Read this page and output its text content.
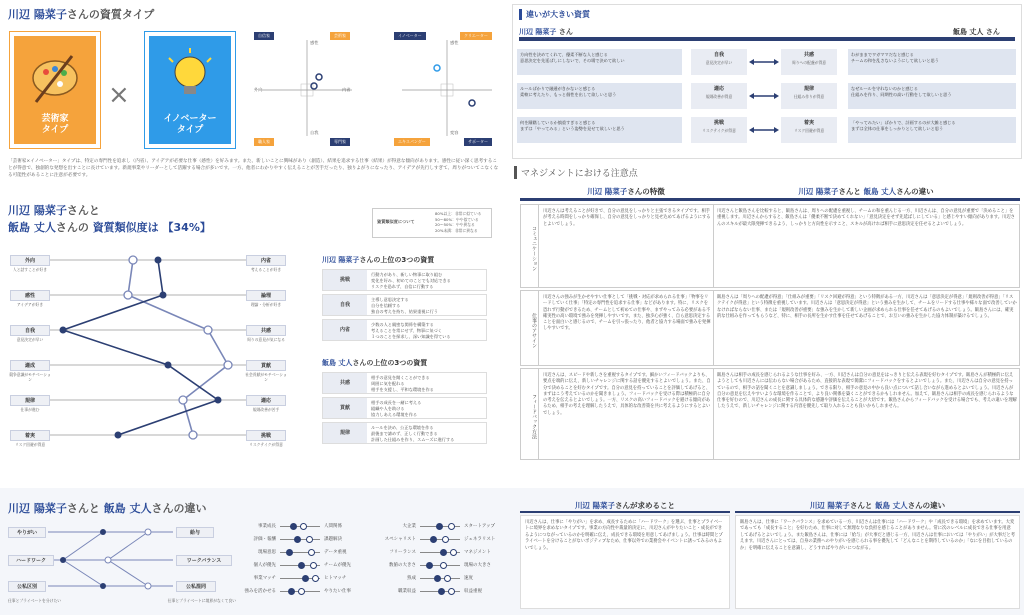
川辺 陽菜子さんの資質タイプ
芸術家
タイプ
×
イノベーター
タイプ
自信家	芸術家
職人家	専門家
外向	内省
感性
自我
イノベーター	クリエーター
エキスパンダー	サポーター
感性
変容
「芸術家×イノベーター」タイプは、特定の専門性を追求し（内省）、アイデアが必要な仕事（感性）を好みます。また、新しいことに興味があり（創造）、結果を追求する仕事（結果）が得意な傾向があります。感性に従い深く思考することが得意で、独創的な発想を出すことに長けています。新規事業やリーダーとして活躍する場合が多いです。一方、他者にわかりやすく伝えることが苦手だったり、独りよがりになったり、アイデアが先行しすぎて、周りがついてこなくなる可能性があることに注意が必要です。
川辺 陽菜子さんと
飯島 丈人さんの 資質類似度は 【34%】	資質類似度について
80%以上：非常に似ている
50〜80%：やや似ている
20〜50%：やや異なる
20%未満：非常に異なる
外向
人と話すことが好き
感性
アイデアが好き
自我
意見決定が早い
適成
競争意識がモチベーション
規律
仕事が進む
着実
リスク回避が得意
内省
考えることが好き
論理
理論・分析が好き
共感
周りの意見が気になる
貢献
社会貢献がモチベーション
適応
規則改善が苦手
挑戦
リスクテイクが得意
川辺 陽菜子さんの上位の3つの資質
挑戦
行動力があり、新しい物事に取り組む
変化を好み、初めてのことでも対応できる
リスクを恐れず、自信に行動する
自我
主導し意思決定する
自分を信頼する
独自の考えを持ち、結果重視に行う
内省
少数の人と親密な関係を構築する
考えることを常にせず、物事に気づく
１つのことを探求し、深い知識を得ている
飯島 丈人さんの上位の3つの資質
共感
相手の意見を聞くことができる
周囲に気を配れる
相手を支援し、平和な環境を作る
貢献
相手の成長を一緒に考える
組織や人を助ける
協力しあえる環境を作る
規律
ルールを決め、公正な環境を作る
最後まで諦めず、正しく行動できる
計画した仕組みを作り、スムーズに進行する
違いが大きい資質
川辺 陽菜子 さん	飯島 丈人 さん
方向性を決めてくれて、優柔不断な人と感じる
意思決定を先延ばしにしないで、その場で決めて欲しい
自我
意見決定が早い
共感
周りへの配慮が得意
わがままでワガママだなと感じる
チームの和を乱さないようにして欲しいと思う
ルールばかりで融通がきかないと感じる
柔軟に考えたり、もっと個性を出して欲しいと思う
適応
規則改善が得意
規律
仕組み作りが得意
なぜルールを守れないのかと感じる
仕組みを作り、同期性の高い行動をして欲しいと思う
何を躊躇しているか慎重すぎると感じる
まずは「やってみる」という姿勢を見せて欲しいと思う
挑戦
リスクテイクが得意
着実
リスク回避が得意
「やってみたい」ばかりで、計画するのが大雑と感じる
まずは全体の仕事をしっかりとして欲しいと思う
マネジメントにおける注意点
川辺 陽菜子さんの特徴	川辺 陽菜子さんと 飯島 丈人さんの違い
コミュニケーション
川辺さんは考えることが好きで、自分の意見をしっかりと主張できるタイプです。相手が考える時間をしっかり確保し、自分の意見をしっかりと見せ込めてあげるようにするとよいでしょう。
川辺さんと飯島さんを比較すると、飯島さんは、周りへの配慮を重視し、チームの和を重んじる一方、川辺さんは、自分の意見が重要で「決めること」を重視します。川辺さんからすると、飯島さんは「優柔不断で決めてくれない」「意見決定をせず先延ばしにしている」と感じやすい傾向があります。川辺さんのスキルが最大限発揮できるよう、しっかりと方向性を示すこと、スキルが高ければ相手に意思決定を任せるとよいでしょう。
仕事のアサイン
川辺さんの強みが生かせやすい仕事として「挑戦・対応が求められる仕事」「物事をリードしていく仕事」「特定の専門性を追求する仕事」などがあります。特に、リスクを恐れず行動ができるため、チームとして初めての仕事や、まずやってみる必要がある不確実性の高い環境で強みを発揮しやすいです。また、独歩心が強く、自ら意思決定することを面白いと感じるので、チームを引っ張ったり、他者と協力する場面で強みを発揮しやすいです。
飯島さんは「周りへの配慮が得意」「仕組みが重要」「リスク回避が得意」という特徴がある一方、川辺さんは「意思決定が得意」「規則改善が得意」「リスクテイクが得意」という特徴を重視しています。川辺さんは「意思決定が得意」という強みを生かして、チームをリードする仕事や様々な面で改善していかなければならない仕事、または「規則改善が重要」な強みを生かして新しい企画が求められる仕事を任せてあげるのもよいでしょう。飯島さんには、確実的な仕組みを作ってもらうなど、特に、相手の長所を生かす仕事を任せてあげることで、お互いの強みを生かした協力体制が築けるでしょう。
フィードバック方法
川辺さんは、スピードや新しさを重視するタイプです。細かいフィードバックよりも、要点を端的に伝え、新しいチャレンジに関する話を優先するとよいでしょう。また、自分で決めることを好むタイプです。自分の意見を持っていることを評価してあげると、まずはこう考えているのかを聞きましょう。フィードバックを受ける際は積極的に自分の考えを伝えるとよいでしょう。一方、リスクの高いフィードバックを避ける傾向があるため、相手の考えを理解したうえで、具体的な改善策を共に考えるようにするとよいでしょう。
飯島さんは相手の成長を感じられるような仕事を好み、一方、川辺さんは自分の意見をはっきりと伝える表現を好むタイプです。飯島さんが積極的に伝えようとしても川辺さんには伝わらない場合があるため、直接的な表現で簡潔にフィードバックをするとよいでしょう。また、川辺さんは自分の意見を持っているので、相手の話を聞くことを意識しましょう。できる限り、相手の意見の中から良い点について話し合いながら進めるとよいでしょう。川辺さんが自分の意見を伝えやすいような環境を作ることで、より良い関係を築くことができるかもしれません。加えて、飯島さんは相手の成長を感じられるような仕事を好むので、川辺さんの成長に関する具体的な感謝や評価を伝えることが大切です。飯島さんからフィードバックを受ける場合でも、考えの違いを理解したうえで、新しいチャレンジに関する内容を優先して取り入れることも良いかもしれません。
川辺 陽菜子さんと 飯島 丈人さんの違い
やりがい	給与
ハードワーク	ワークバランス
公私区別	公私混同
仕事とプライベートを分けたい	仕事とプライベートに境界がなくて良い
事業成長	人間関係
評価・報酬	課題解決
現場意思	データ重視
個人が優先	チームが優先
事業マッチ	ヒトマッチ
強みを活かせる	やりたい仕事
大企業	スタートアップ
スペシャリスト	ジェネラリスト
フリーランス	マネジメント
数値の大きさ	現場の大きさ
熟成	速度
職業収益	収益重視
川辺 陽菜子さんが求めること	川辺 陽菜子さんと 飯島 丈人さんの違い
川辺さんは、仕事に「やりがい」を求め、成長するために「ハードワーク」を選ぶ、仕事とプライベートに境界を求めないタイプです。事業の方向性や裁量的決定に、川辺さんがやりたいこと・成長ができるようにつながっているのかを明確に伝え、成長できる環境を用意してあげましょう。仕事は時間とプライベートを分けることがないポジティブなため、仕事以外での業務会やイベントに誘ってみるのもよいでしょう。
飯島さんは、仕事に「ワークバランス」を求めている一方、川辺さんは仕事には「ハードワーク」や「成長できる環境」を求めています。大変であっても「成長すること」を好むため、仕事に対して無理なりな負担を感じることがありません。常に次のレベルに成長できる仕事を用意してあげるとよいでしょう。また飯島さんは、仕事には「給与」が大事だと感じる一方、川辺さんは仕事においては「やりがい」が大事だと考えます。川辺さんにとっては、自身の業務へのやりがいを感じられる事を優先して「どんなことを期待しているのか」「なにを目指しているのか」を明確に伝えることを意識し、どうすればやりがいにつながる。
